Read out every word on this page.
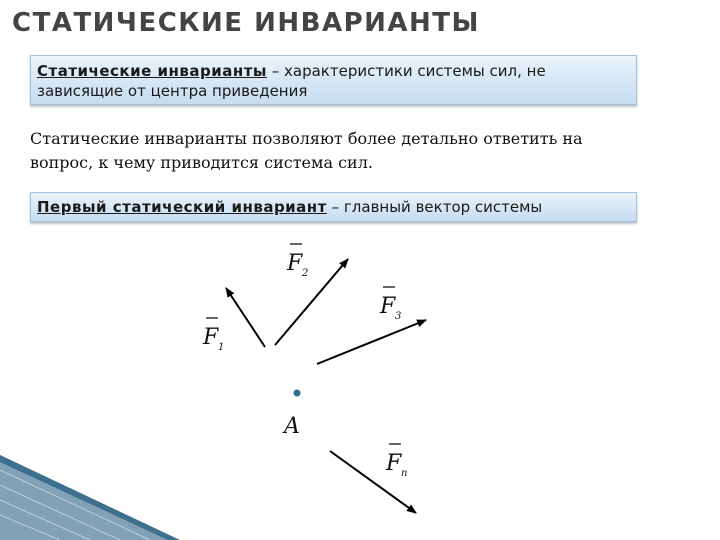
СТАТИЧЕСКИЕ ИНВАРИАНТЫ
Статические инварианты – характеристики системы сил, не зависящие от центра приведения

Статические инварианты позволяют более детально ответить на вопрос, к чему приводится система сил.

Первый статический инвариант – главный вектор системы
A
F 1
F 2
F 3
F n
